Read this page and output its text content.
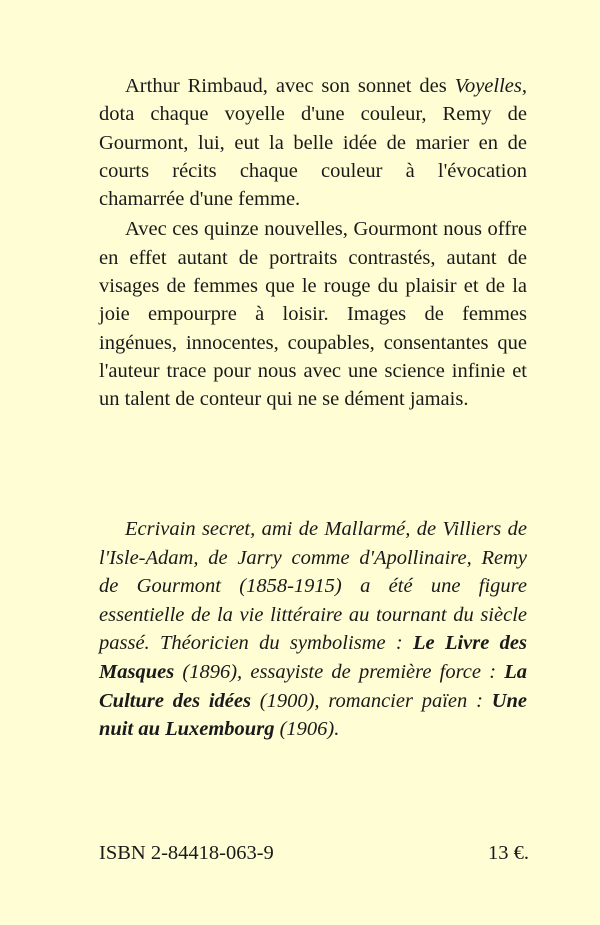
Arthur Rimbaud, avec son sonnet des Voyelles, dota chaque voyelle d'une couleur, Remy de Gourmont, lui, eut la belle idée de marier en de courts récits chaque couleur à l'évocation chamarrée d'une femme.

Avec ces quinze nouvelles, Gourmont nous offre en effet autant de portraits contrastés, autant de visages de femmes que le rouge du plaisir et de la joie empourpre à loisir. Images de femmes ingénues, innocentes, coupables, consentantes que l'auteur trace pour nous avec une science infinie et un talent de conteur qui ne se dément jamais.

Ecrivain secret, ami de Mallarmé, de Villiers de l'Isle-Adam, de Jarry comme d'Apollinaire, Remy de Gourmont (1858-1915) a été une figure essentielle de la vie littéraire au tournant du siècle passé. Théoricien du symbolisme : Le Livre des Masques (1896), essayiste de première force : La Culture des idées (1900), romancier païen : Une nuit au Luxembourg (1906).

ISBN 2-84418-063-9	13 €.
